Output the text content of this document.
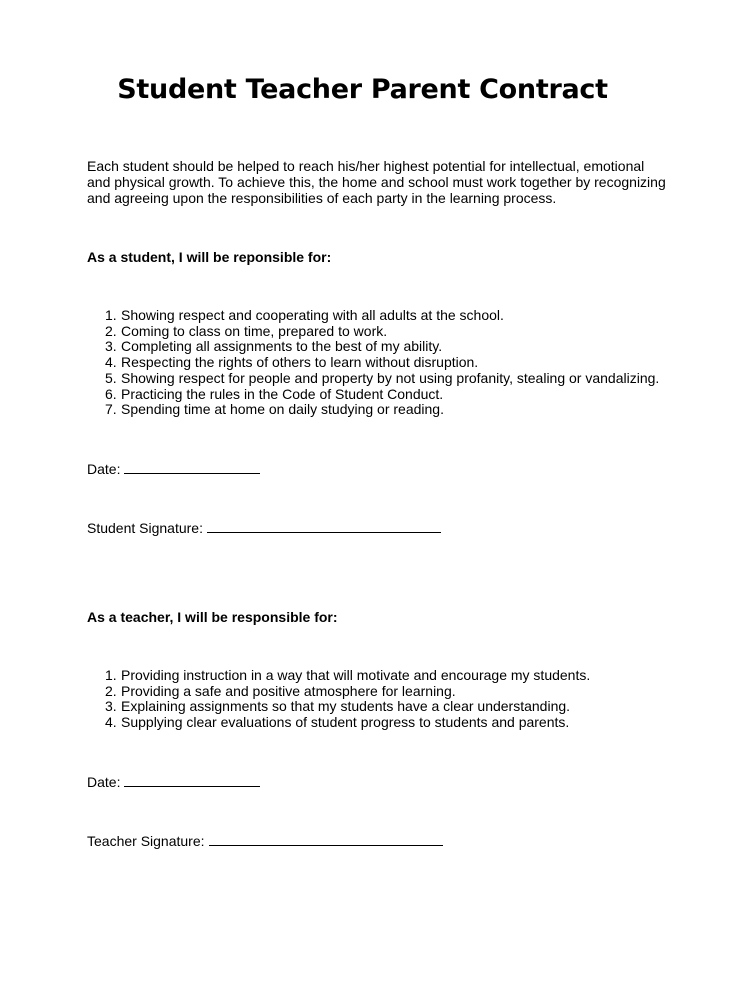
Student Teacher Parent Contract

Each student should be helped to reach his/her highest potential for intellectual, emotional and physical growth. To achieve this, the home and school must work together by recognizing and agreeing upon the responsibilities of each party in the learning process.

As a student, I will be reponsible for:

1. Showing respect and cooperating with all adults at the school.
2. Coming to class on time, prepared to work.
3. Completing all assignments to the best of my ability.
4. Respecting the rights of others to learn without disruption.
5. Showing respect for people and property by not using profanity, stealing or vandalizing.
6. Practicing the rules in the Code of Student Conduct.
7. Spending time at home on daily studying or reading.

Date:

Student Signature:

As a teacher, I will be responsible for:

1. Providing instruction in a way that will motivate and encourage my students.
2. Providing a safe and positive atmosphere for learning.
3. Explaining assignments so that my students have a clear understanding.
4. Supplying clear evaluations of student progress to students and parents.

Date:

Teacher Signature:
